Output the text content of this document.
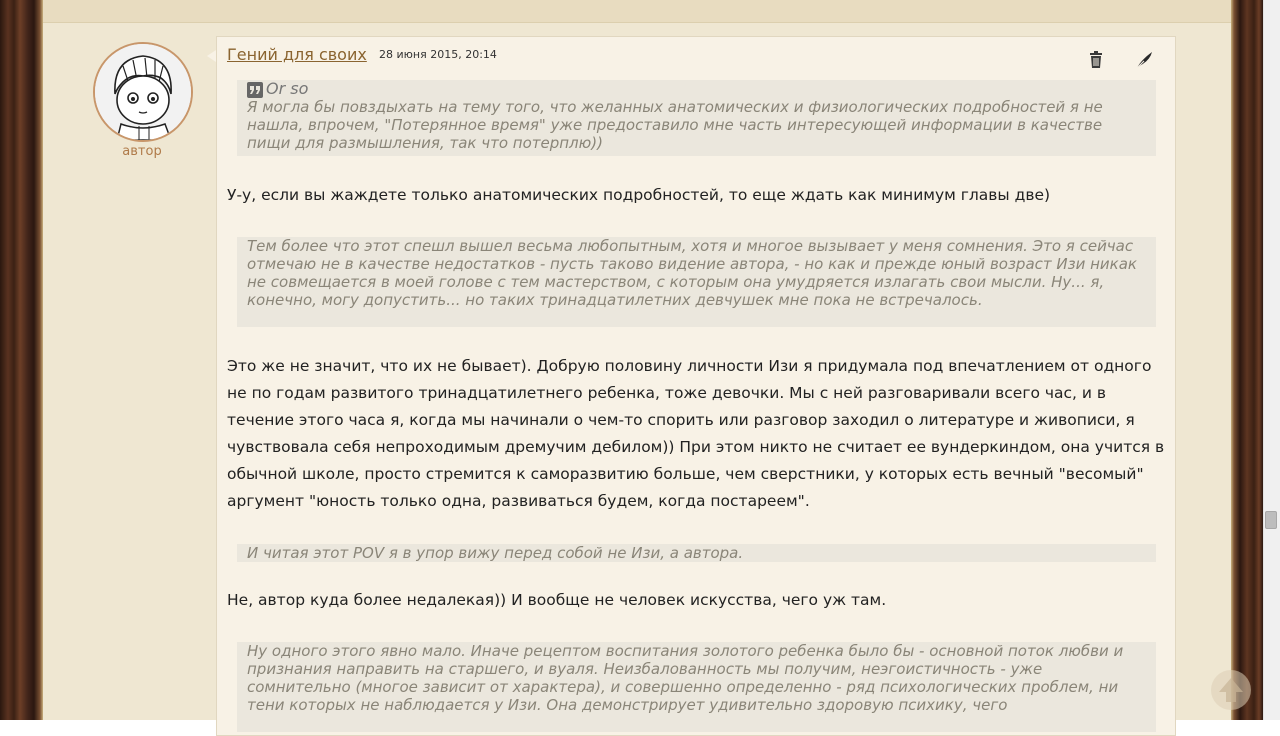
автор
Гений для своих 28 июня 2015, 20:14
Or so
Я могла бы повздыхать на тему того, что желанных анатомических и физиологических подробностей я не нашла, впрочем, "Потерянное время" уже предоставило мне часть интересующей информации в качестве пищи для размышления, так что потерплю))

У-у, если вы жаждете только анатомических подробностей, то еще ждать как минимум главы две)

Тем более что этот спешл вышел весьма любопытным, хотя и многое вызывает у меня сомнения. Это я сейчас отмечаю не в качестве недостатков - пусть таково видение автора, - но как и прежде юный возраст Изи никак не совмещается в моей голове с тем мастерством, с которым она умудряется излагать свои мысли. Ну... я, конечно, могу допустить... но таких тринадцатилетних девчушек мне пока не встречалось.

Это же не значит, что их не бывает). Добрую половину личности Изи я придумала под впечатлением от одного не по годам развитого тринадцатилетнего ребенка, тоже девочки. Мы с ней разговаривали всего час, и в течение этого часа я, когда мы начинали о чем-то спорить или разговор заходил о литературе и живописи, я чувствовала себя непроходимым дремучим дебилом)) При этом никто не считает ее вундеркиндом, она учится в обычной школе, просто стремится к саморазвитию больше, чем сверстники, у которых есть вечный "весомый" аргумент "юность только одна, развиваться будем, когда постареем".

И читая этот POV я в упор вижу перед собой не Изи, а автора.

Не, автор куда более недалекая)) И вообще не человек искусства, чего уж там.

Ну одного этого явно мало. Иначе рецептом воспитания золотого ребенка было бы - основной поток любви и признания направить на старшего, и вуаля. Неизбалованность мы получим, неэгоистичность - уже сомнительно (многое зависит от характера), и совершенно определенно - ряд психологических проблем, ни тени которых не наблюдается у Изи. Она демонстрирует удивительно здоровую психику, чего
